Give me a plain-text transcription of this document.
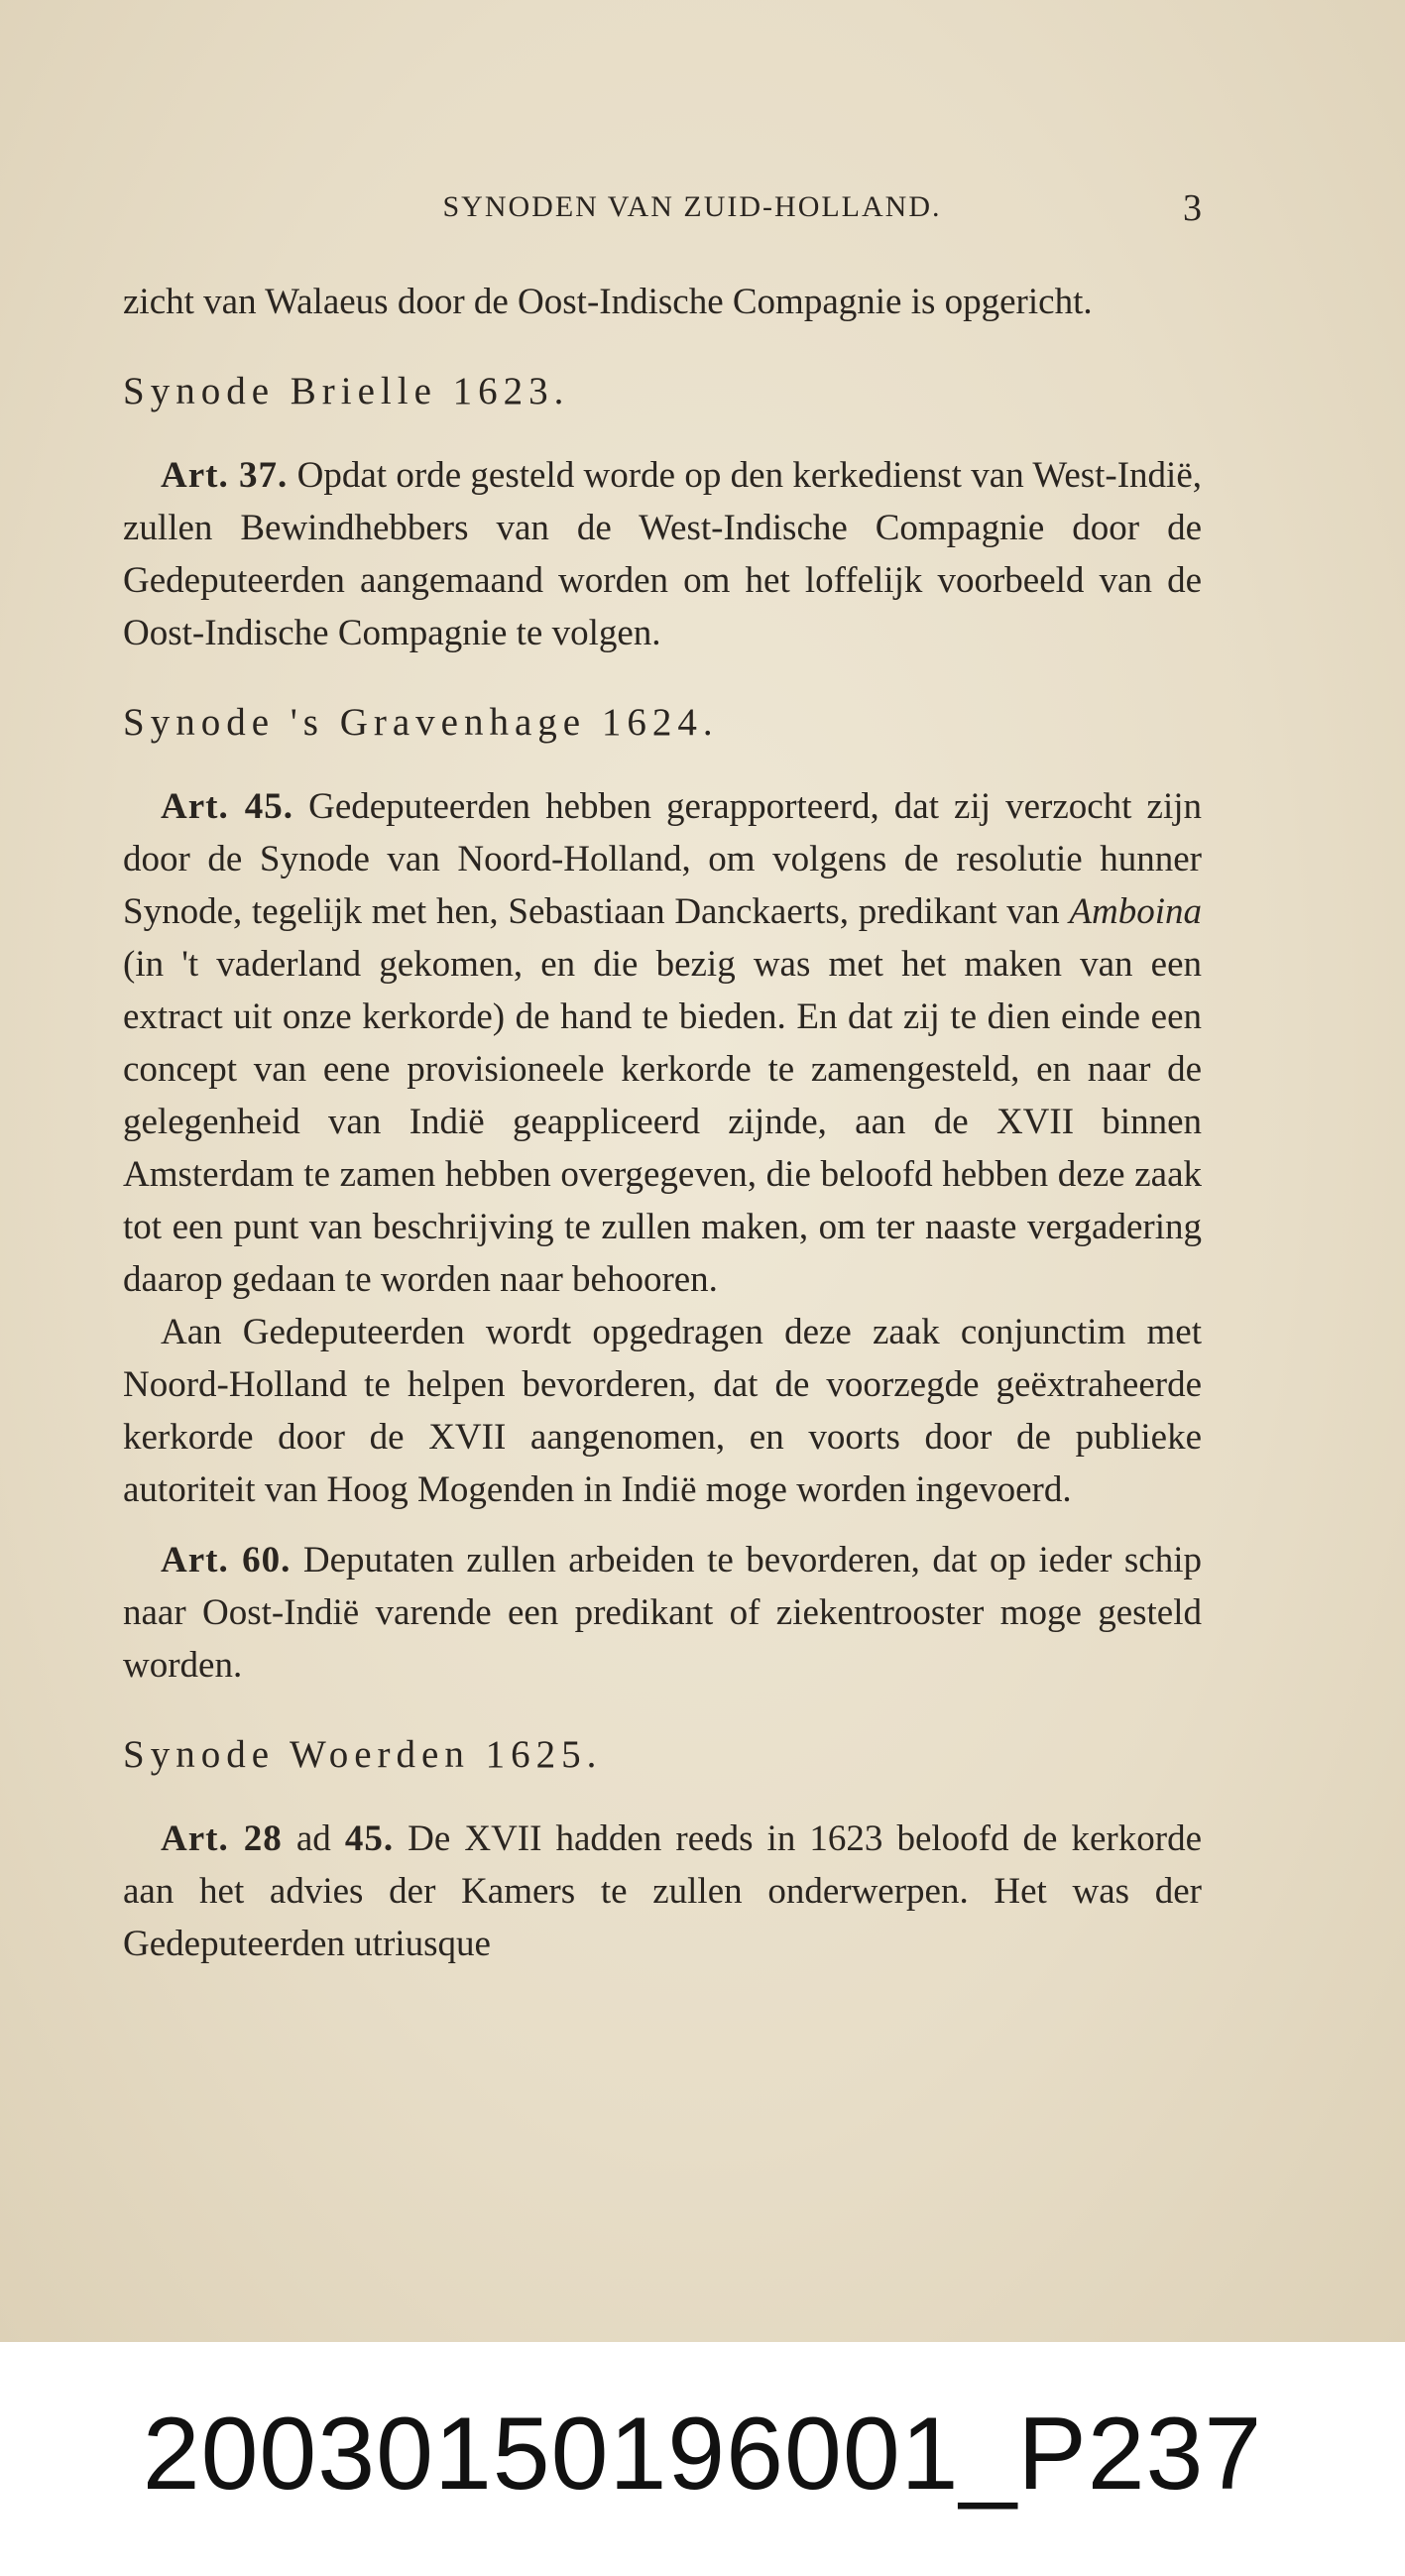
SYNODEN VAN ZUID-HOLLAND.	3

zicht van Walaeus door de Oost-Indische Compagnie is opgericht.

Synode Brielle 1623.

Art. 37. Opdat orde gesteld worde op den kerkedienst van West-Indië, zullen Bewindhebbers van de West-Indische Compagnie door de Gedeputeerden aangemaand worden om het loffelijk voorbeeld van de Oost-Indische Compagnie te volgen.

Synode 's Gravenhage 1624.

Art. 45. Gedeputeerden hebben gerapporteerd, dat zij verzocht zijn door de Synode van Noord-Holland, om volgens de resolutie hunner Synode, tegelijk met hen, Sebastiaan Danckaerts, predikant van Amboina (in 't vaderland gekomen, en die bezig was met het maken van een extract uit onze kerkorde) de hand te bieden. En dat zij te dien einde een concept van eene provisioneele kerkorde te zamengesteld, en naar de gelegenheid van Indië geappliceerd zijnde, aan de XVII binnen Amsterdam te zamen hebben overgegeven, die beloofd hebben deze zaak tot een punt van beschrijving te zullen maken, om ter naaste vergadering daarop gedaan te worden naar behooren.

Aan Gedeputeerden wordt opgedragen deze zaak conjunctim met Noord-Holland te helpen bevorderen, dat de voorzegde geëxtraheerde kerkorde door de XVII aangenomen, en voorts door de publieke autoriteit van Hoog Mogenden in Indië moge worden ingevoerd.

Art. 60. Deputaten zullen arbeiden te bevorderen, dat op ieder schip naar Oost-Indië varende een predikant of ziekentrooster moge gesteld worden.

Synode Woerden 1625.

Art. 28 ad 45. De XVII hadden reeds in 1623 beloofd de kerkorde aan het advies der Kamers te zullen onderwerpen. Het was der Gedeputeerden utriusque

20030150196001_P237
